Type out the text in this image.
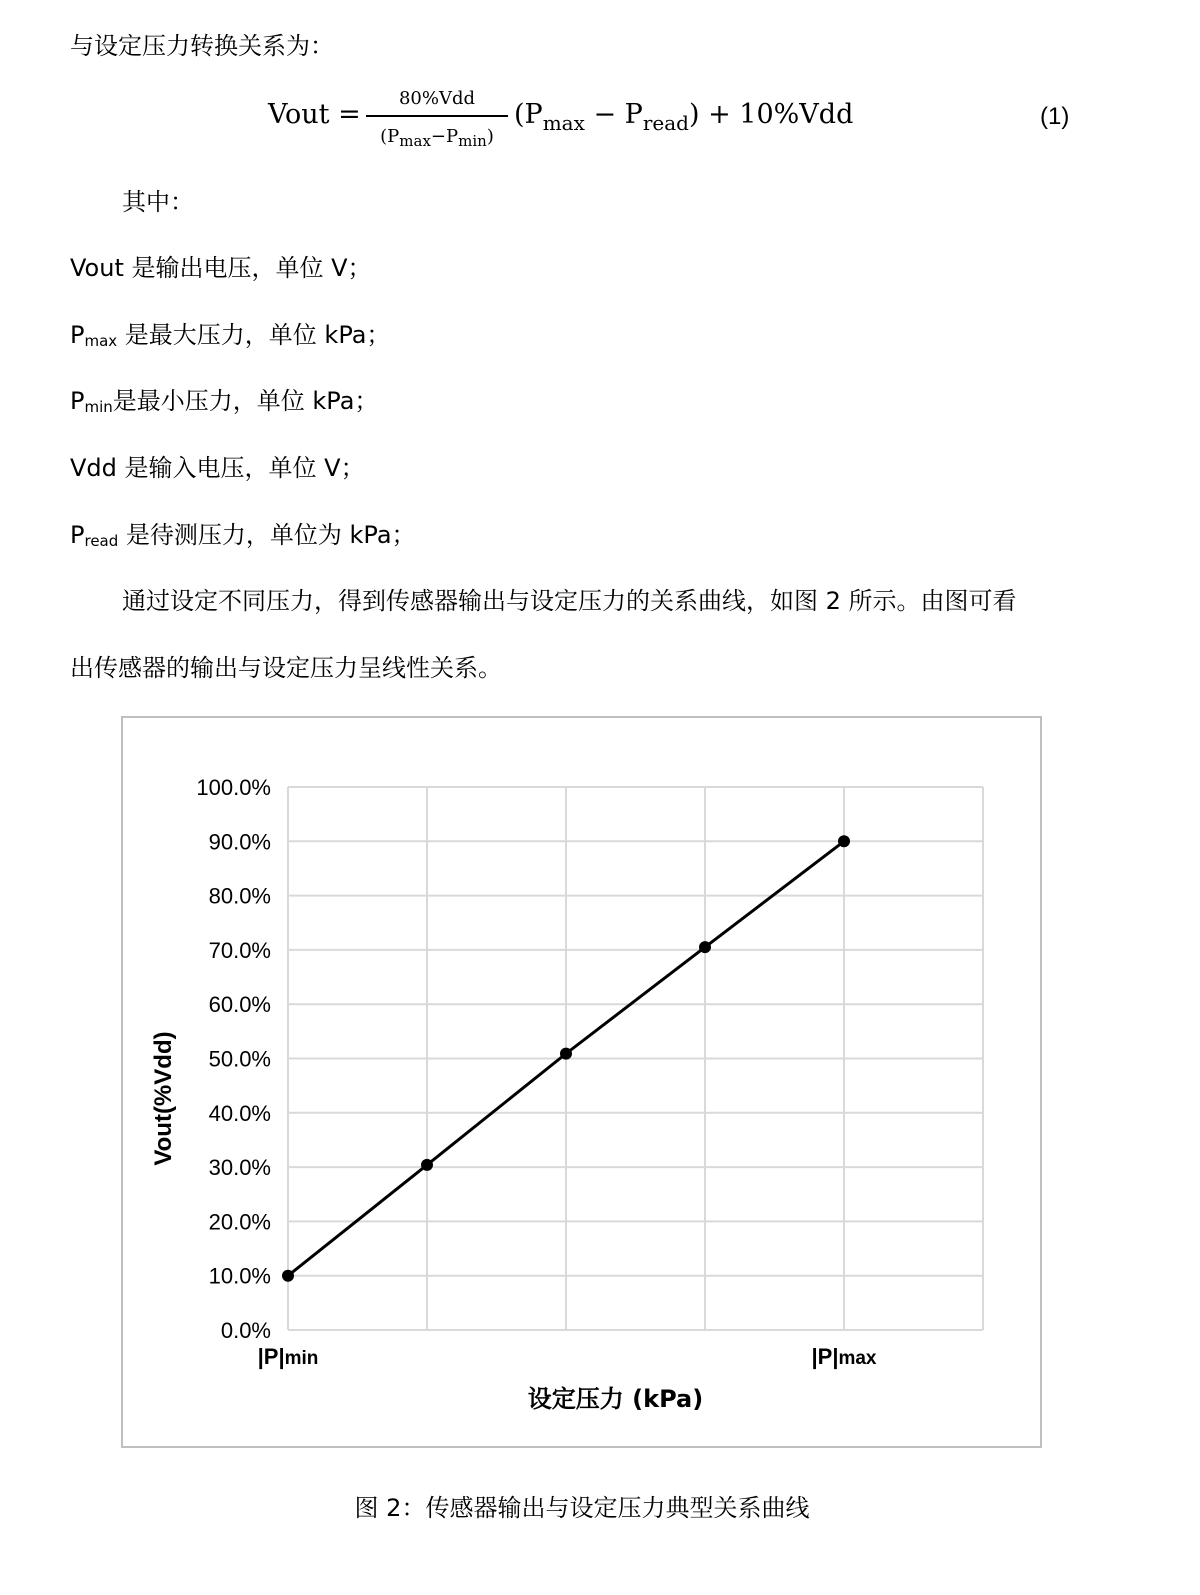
与设定压力转换关系为：
Vout =
80%Vdd
$(P_{max}-P_{min})$
$(P_{max} - P_{read}) + 10\%Vdd$	(1)
其中：
Vout 是输出电压，单位 V；
$P_{max}$ 是最大压力，单位 kPa；
$P_{min}$是最小压力，单位 kPa；
Vdd 是输入电压，单位 V；
$P_{read}$ 是待测压力，单位为 kPa；
通过设定不同压力，得到传感器输出与设定压力的关系曲线，如图 2 所示。由图可看
出传感器的输出与设定压力呈线性关系。
0.0%
10.0%
20.0%
30.0%
40.0%
50.0%
60.0%
70.0%
80.0%
90.0%
100.0%
|P|min	|P|max
设定压力 (kPa)
Vout(%Vdd)
图 2：传感器输出与设定压力典型关系曲线
